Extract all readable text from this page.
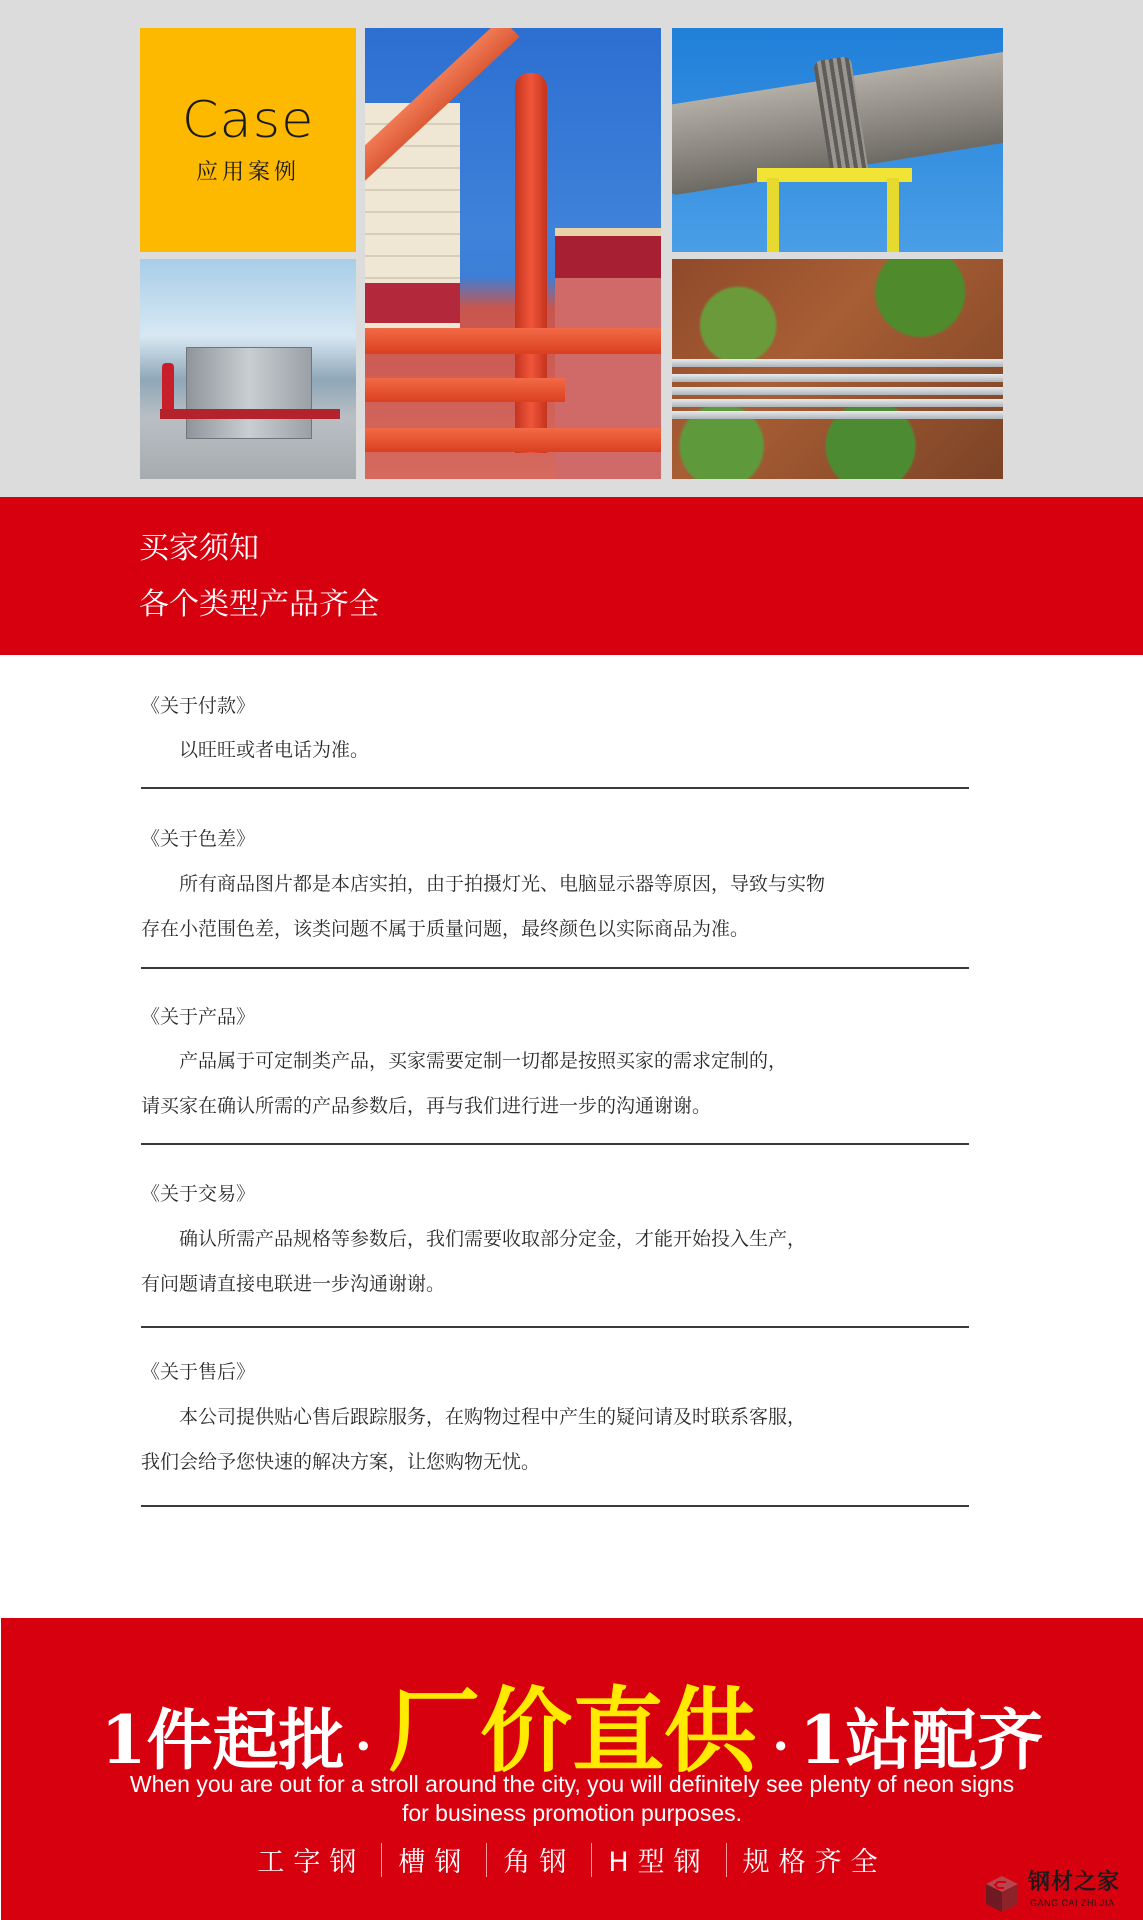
Case
应用案例
买家须知
各个类型产品齐全
《关于付款》
　　以旺旺或者电话为准。
《关于色差》
　　所有商品图片都是本店实拍，由于拍摄灯光、电脑显示器等原因，导致与实物
存在小范围色差，该类问题不属于质量问题，最终颜色以实际商品为准。
《关于产品》
　　产品属于可定制类产品，买家需要定制一切都是按照买家的需求定制的，
请买家在确认所需的产品参数后，再与我们进行进一步的沟通谢谢。
《关于交易》
　　确认所需产品规格等参数后，我们需要收取部分定金，才能开始投入生产，
有问题请直接电联进一步沟通谢谢。
《关于售后》
　　本公司提供贴心售后跟踪服务，在购物过程中产生的疑问请及时联系客服，
我们会给予您快速的解决方案，让您购物无忧。
1件起批 · 厂价直供 · 1站配齐
When you are out for a stroll around the city, you will definitely see plenty of neon signs
for business promotion purposes.
工字钢	槽钢	角钢	H型钢	规格齐全
钢材之家
GANG CAI ZHI JIA
